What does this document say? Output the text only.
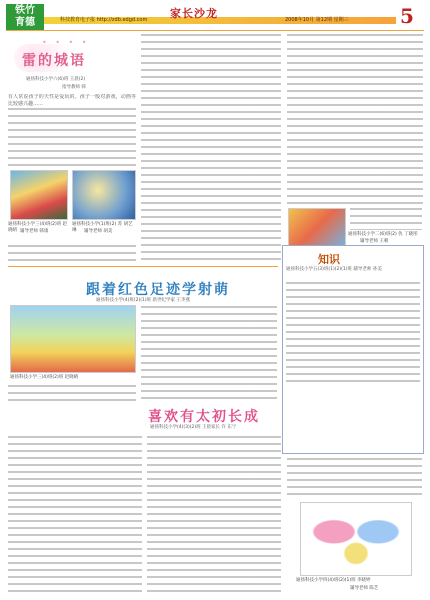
铁竹
育德	科技教育电子报 http://zdb.edgd.com	2008年10月 第12期 星期三
家长沙龙	5
• • • •
雷的城语
通扬科技小学六(6)班 王晨(2)
指导教师 韩
有人常说孩子的天性是爱玩的。孩子一般对游戏，动画等比较感兴趣……
通扬科技小学三(4)班(2)班 赵晓晴 辅导老师 韩康
通扬科技小学(1)班(2) 苏 胡艺琳	辅导老师 胡美
通扬科技小学二(6)班(2) 仇 丁晓彤
辅导老师 王朝
跟着红色足迹学射萌
通扬科技小学(4)班(2)(1)班 新世纪学家 王李燕
通扬科技小学三(4)班(2)班 赵晓晴
知识
通扬科技小学五(3)班(1)(2)(1)班 辅导老师 孙美
喜欢有太初长成
通扬科技小学(4)(3)(2)班 王晨家长 许 东宁
通扬科技小学四(4)班(2)(1)班 李晓婷
辅导老师 陈艺
